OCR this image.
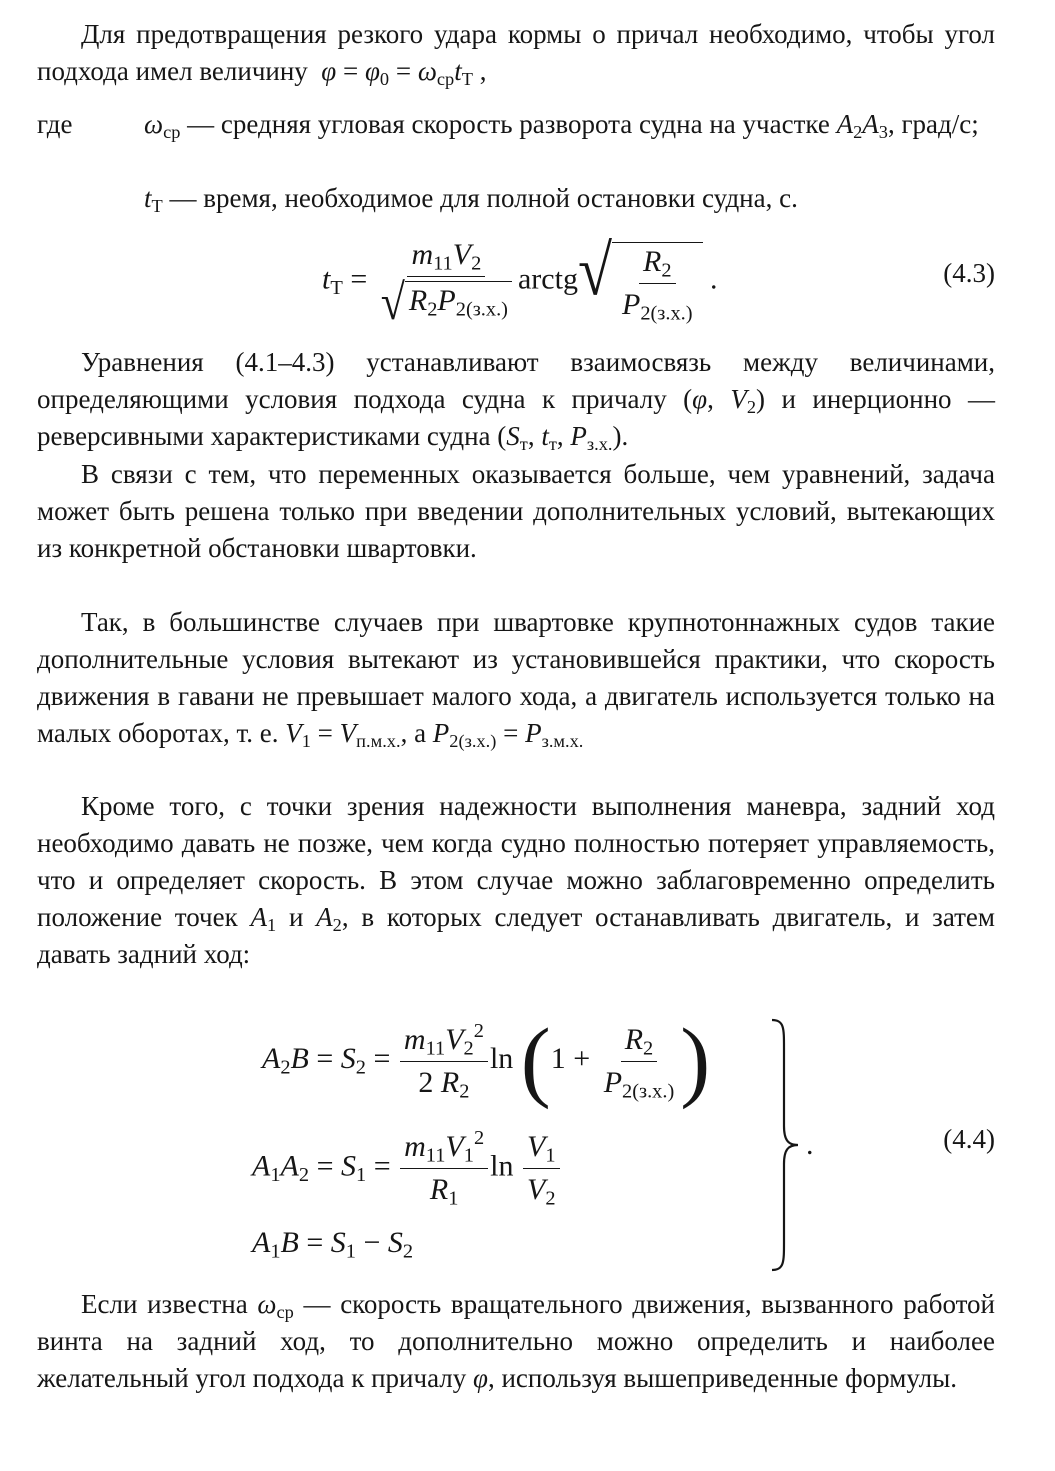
Для предотвращения резкого удара кормы о причал необходимо, чтобы угол подхода имел величину  $\varphi = \varphi_0 = \omega_{ср}t_Т$ ,

где	$\omega_{ср}$ — средняя угловая скорость разворота судна на участке $A_2A_3$, град/с;
$t_Т$ — время, необходимое для полной остановки судна, с.
$t_Т = \frac{m_{11}V_2}{√ R_2P_{2(з.х.)}}$ arctg √ $\frac{R_2}{P_{2(з.х.)}}$ .	(4.3)

Уравнения (4.1–4.3) устанавливают взаимосвязь между величинами, определяющими условия подхода судна к причалу (φ, $V_2$) и инерционно — реверсивными характеристиками судна ($S_т$, $t_т$, $P_{з.х.}$).

В связи с тем, что переменных оказывается больше, чем уравнений, задача может быть решена только при введении дополнительных условий, вытекающих из конкретной обстановки швартовки.

Так, в большинстве случаев при швартовке крупнотоннажных судов такие дополнительные условия вытекают из установившейся практики, что скорость движения в гавани не превышает малого хода, а двигатель используется только на малых оборотах, т. е. $V_1 = V_{п.м.х.}$, а $P_{2(з.х.)} = P_{з.м.х.}$

Кроме того, с точки зрения надежности выполнения маневра, задний ход необходимо давать не позже, чем когда судно полностью потеряет управляемость, что и определяет скорость. В этом случае можно заблаговременно определить положение точек $A_1$ и $A_2$, в которых следует останавливать двигатель, и затем давать задний ход:

$A_2B = S_2 = \frac{m_{11}V_2^2}{2 R_2}$ $\ln (1 + \frac{R_2}{P_{2(з.х.)}}$ )
$A_1A_2 = S_1 = \frac{m_{11}V_1^2}{R_1}$ $\ln \frac{V_1}{V_2}$
$A_1B = S_1 - S_2$
.	(4.4)

Если известна $\omega_{ср}$ — скорость вращательного движения, вызванного работой винта на задний ход, то дополнительно можно определить и наиболее желательный угол подхода к причалу φ, используя вышеприведенные формулы.
